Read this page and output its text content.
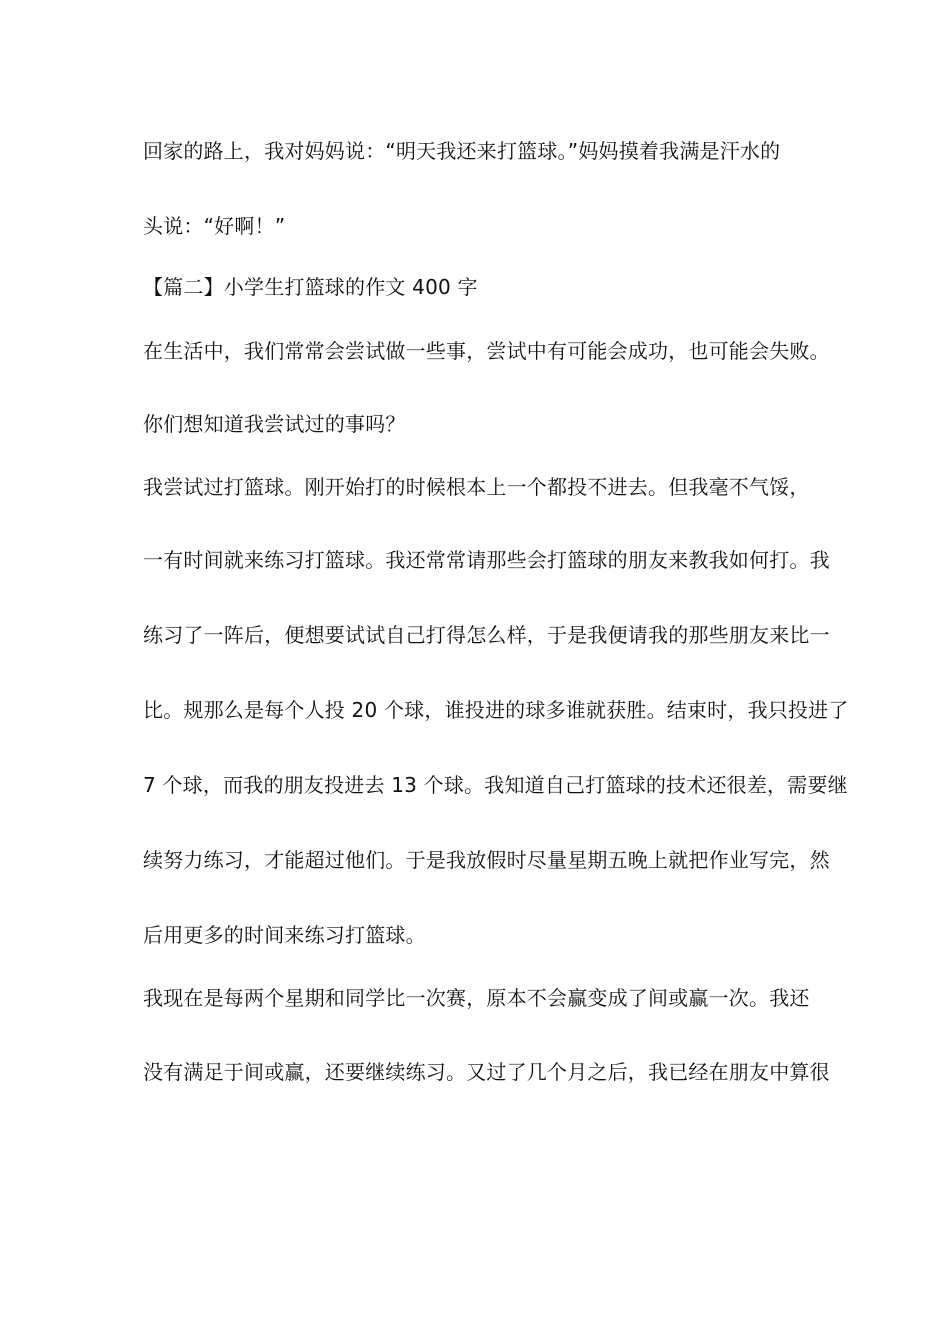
回家的路上，我对妈妈说：“明天我还来打篮球。”妈妈摸着我满是汗水的
头说：“好啊！”
【篇二】小学生打篮球的作文 400 字
在生活中，我们常常会尝试做一些事，尝试中有可能会成功，也可能会失败。
你们想知道我尝试过的事吗？
我尝试过打篮球。刚开始打的时候根本上一个都投不进去。但我毫不气馁，
一有时间就来练习打篮球。我还常常请那些会打篮球的朋友来教我如何打。我
练习了一阵后，便想要试试自己打得怎么样，于是我便请我的那些朋友来比一
比。规那么是每个人投 20 个球，谁投进的球多谁就获胜。结束时，我只投进了
7 个球，而我的朋友投进去 13 个球。我知道自己打篮球的技术还很差，需要继
续努力练习，才能超过他们。于是我放假时尽量星期五晚上就把作业写完，然
后用更多的时间来练习打篮球。
我现在是每两个星期和同学比一次赛，原本不会赢变成了间或赢一次。我还
没有满足于间或赢，还要继续练习。又过了几个月之后，我已经在朋友中算很
